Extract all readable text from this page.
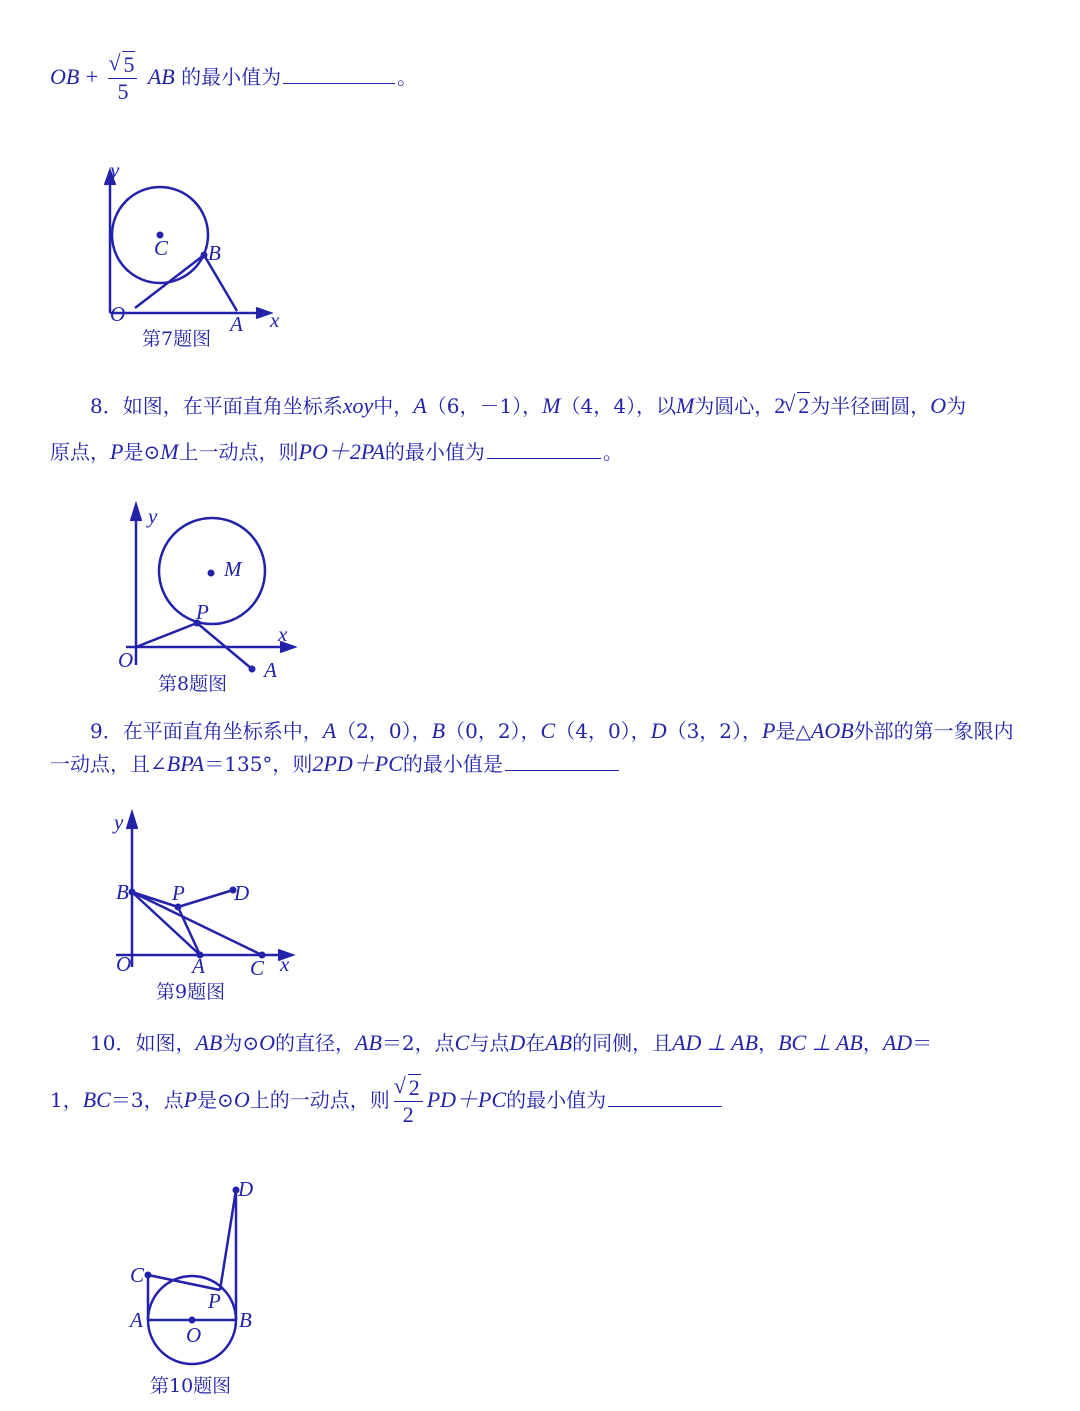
OB + √ $\frac{5}{5}$ AB 的最小值为	。
y
x
O	A
B
C
第7题图
8．如图，在平面直角坐标系xoy中，A（6，－1），M（4，4），以M为圆心，2 √ 2为半径画圆，O为
原点，P是⊙M上一动点，则PO＋2PA的最小值为	。
y
x
O
M
P
A
第8题图
9．在平面直角坐标系中，A（2，0），B（0，2），C（4，0），D（3，2），P是△AOB外部的第一象限内
一动点，且∠BPA＝135°，则2PD＋PC的最小值是
y
x
O
B P D
A C
第9题图
10．如图，AB为⊙O的直径，AB＝2，点C与点D在AB的同侧，且AD ⊥ AB，BC ⊥ AB，AD＝
1，BC＝3，点P是⊙O上的一动点，则 √ $\frac{2}{2} PD+PC$的最小值为
D
C
P
A	B
O
第10题图
